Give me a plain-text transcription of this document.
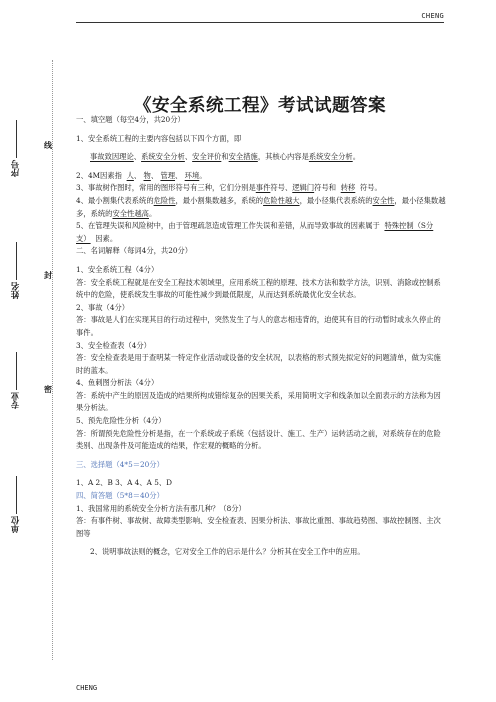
CHENG
序号
姓名
专业
单位
线
封
密
《安全系统工程》考试试题答案

一、填空题（每空4分，共20分）

1、安全系统工程的主要内容包括以下四个方面，即

事故致因理论、系统安全分析、安全评价和安全措施，其核心内容是系统安全分析。

2、4M因素指 人、 物、 管理、 环境。

3、事故树作图时，常用的图形符号有三种，它们分别是事件符号、逻辑门符号和 转移 符号。

4、最小割集代表系统的危险性，最小割集数越多，系统的危险性越大，最小径集代表系统的安全性，最小径集数越多，系统的安全性越高。

5、在管理失误和风险树中，由于管理疏忽造成管理工作失误和差错，从而导致事故的因素属于 特殊控制（S分支） 因素。

二、名词解释（每词4分，共20分）

1、安全系统工程（4分）

答：安全系统工程就是在安全工程技术领域里，应用系统工程的原理、技术方法和数学方法，识别、消除或控制系统中的危险，使系统发生事故的可能性减少到最低限度，从而达到系统最优化安全状态。

2、事故（4分）

答：事故是人们在实现其目的行动过程中，突然发生了与人的意志相违背的，迫使其有目的行动暂时或永久停止的事件。

3、安全检查表（4分）

答：安全检查表是用于查明某一特定作业活动或设备的安全状况，以表格的形式预先拟定好的问题清单，做为实施时的蓝本。

4、鱼刺图分析法（4分）

答：系统中产生的原因及造成的结果所构成错综复杂的因果关系，采用简明文字和线条加以全面表示的方法称为因果分析法。

5、预先危险性分析（4分）

答：所谓预先危险性分析是指，在一个系统或子系统（包括设计、施工、生产）运转活动之前，对系统存在的危险类别、出现条件及可能造成的结果，作宏观的概略的分析。

三、选择题（4*5＝20分）

1、A 2、B 3、A 4、A 5、D

四、简答题（5*8＝40分）

1、我国常用的系统安全分析方法有那几种？（8分）

答：有事件树、事故树、故障类型影响、安全检查表、因果分析法、事故比重图、事故趋势图、事故控制图、主次图等

2、说明事故法则的概念，它对安全工作的启示是什么？分析其在安全工作中的应用。

CHENG
